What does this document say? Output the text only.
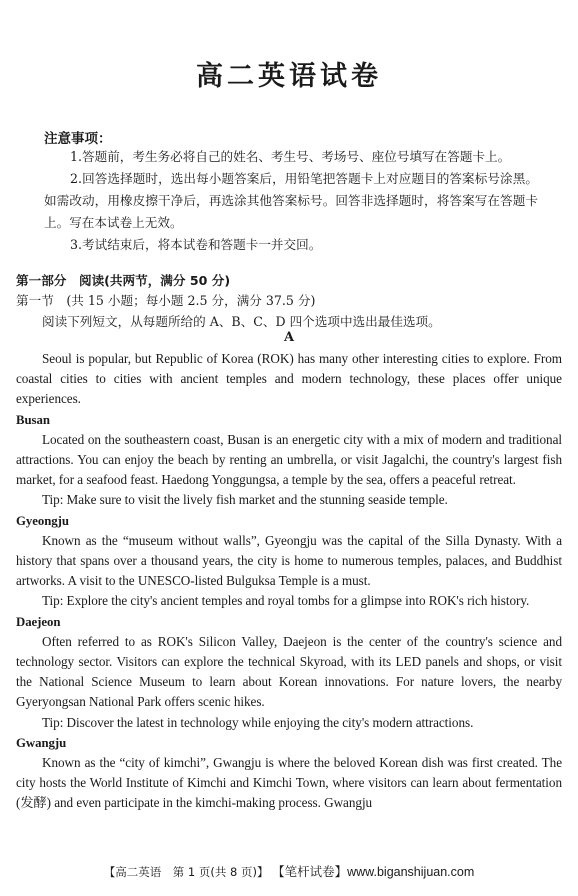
高二英语试卷
注意事项：

1.答题前，考生务必将自己的姓名、考生号、考场号、座位号填写在答题卡上。

2.回答选择题时，选出每小题答案后，用铅笔把答题卡上对应题目的答案标号涂黑。如需改动，用橡皮擦干净后，再选涂其他答案标号。回答非选择题时，将答案写在答题卡上。写在本试卷上无效。

3.考试结束后，将本试卷和答题卡一并交回。

第一部分　阅读(共两节，满分 50 分)
第一节　(共 15 小题；每小题 2.5 分，满分 37.5 分)
阅读下列短文，从每题所给的 A、B、C、D 四个选项中选出最佳选项。
A

Seoul is popular, but Republic of Korea (ROK) has many other interesting cities to explore. From coastal cities to cities with ancient temples and modern technology, these places offer unique experiences.

Busan

Located on the southeastern coast, Busan is an energetic city with a mix of modern and traditional attractions. You can enjoy the beach by renting an umbrella, or visit Jagalchi, the country's largest fish market, for a seafood feast. Haedong Yonggungsa, a temple by the sea, offers a peaceful retreat.

Tip: Make sure to visit the lively fish market and the stunning seaside temple.

Gyeongju

Known as the “museum without walls”, Gyeongju was the capital of the Silla Dynasty. With a history that spans over a thousand years, the city is home to numerous temples, palaces, and Buddhist artworks. A visit to the UNESCO-listed Bulguksa Temple is a must.

Tip: Explore the city's ancient temples and royal tombs for a glimpse into ROK's rich history.

Daejeon

Often referred to as ROK's Silicon Valley, Daejeon is the center of the country's science and technology sector. Visitors can explore the technical Skyroad, with its LED panels and shops, or visit the National Science Museum to learn about Korean innovations. For nature lovers, the nearby Gyeryongsan National Park offers scenic hikes.

Tip: Discover the latest in technology while enjoying the city's modern attractions.

Gwangju

Known as the “city of kimchi”, Gwangju is where the beloved Korean dish was first created. The city hosts the World Institute of Kimchi and Kimchi Town, where visitors can learn about fermentation (发酵) and even participate in the kimchi-making process. Gwangju

【高二英语　第 1 页(共 8 页)】 【笔杆试卷】www.biganshijuan.com
